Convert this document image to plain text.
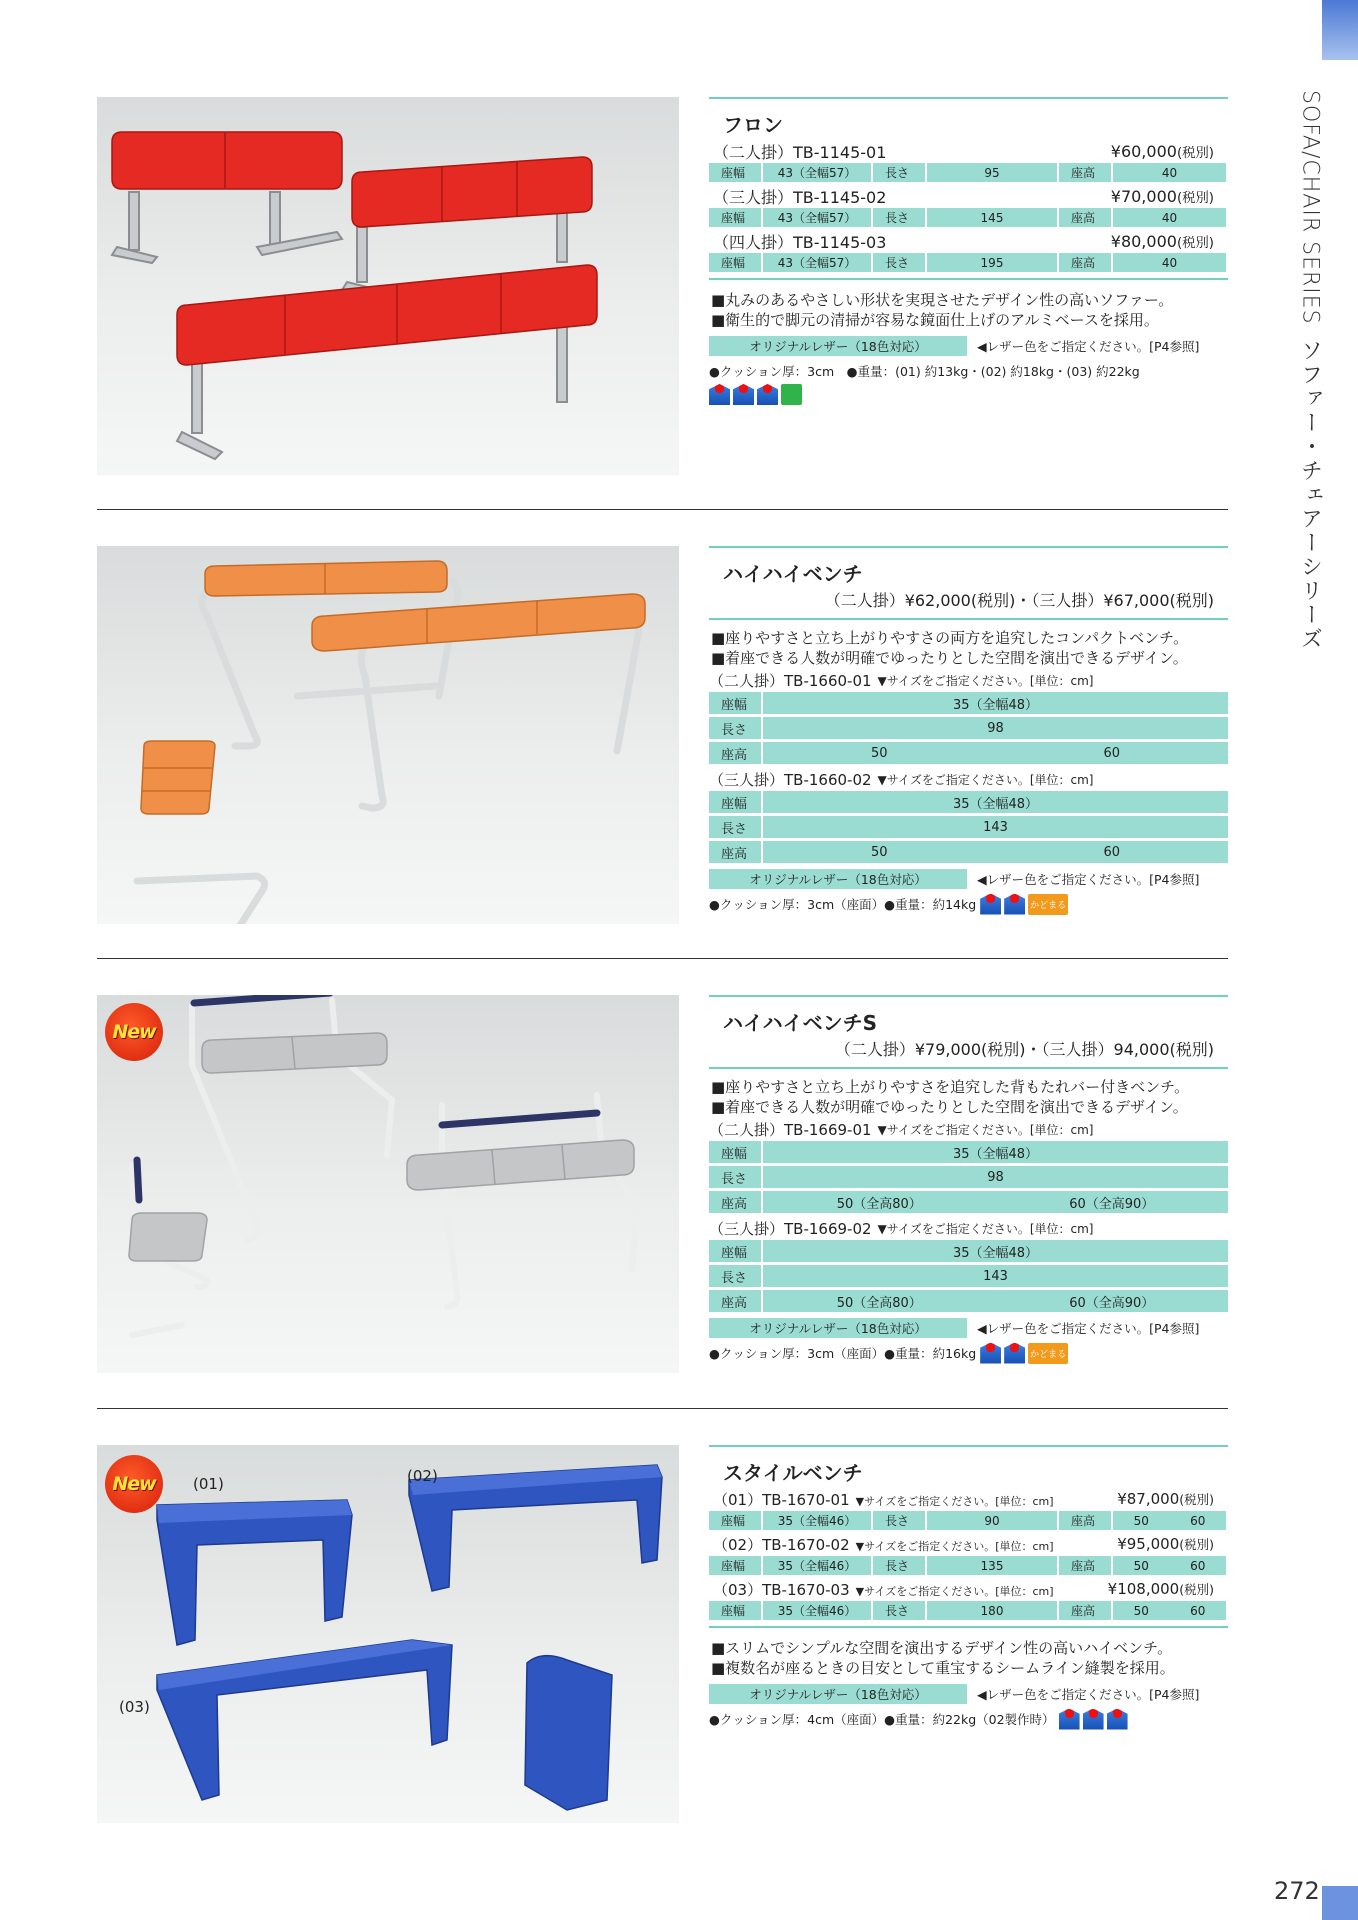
SOFA/CHAIR SERIES
ソファー・チェアーシリーズ
272
フロン
（二人掛）TB-1145-01	¥60,000(税別)
座幅	43（全幅57）	長さ	95	座高	40
（三人掛）TB-1145-02	¥70,000(税別)
座幅	43（全幅57）	長さ	145	座高	40
（四人掛）TB-1145-03	¥80,000(税別)
座幅	43（全幅57）	長さ	195	座高	40
■丸みのあるやさしい形状を実現させたデザイン性の高いソファー。
■衛生的で脚元の清掃が容易な鏡面仕上げのアルミベースを採用。
オリジナルレザー（18色対応）	◀レザー色をご指定ください。[P4参照]
●クッション厚：3cm　●重量：(01) 約13kg・(02) 約18kg・(03) 約22kg
ハイハイベンチ
（二人掛）¥62,000(税別)・（三人掛）¥67,000(税別)
■座りやすさと立ち上がりやすさの両方を追究したコンパクトベンチ。
■着座できる人数が明確でゆったりとした空間を演出できるデザイン。
（二人掛）TB-1660-01 ▼サイズをご指定ください。[単位：cm]
座幅	35（全幅48）
長さ	98
座高	50	60
（三人掛）TB-1660-02 ▼サイズをご指定ください。[単位：cm]
座幅	35（全幅48）
長さ	143
座高	50	60
オリジナルレザー（18色対応）	◀レザー色をご指定ください。[P4参照]
●クッション厚：3cm（座面）●重量：約14kg	かどまる
New	ハイハイベンチS
（二人掛）¥79,000(税別)・（三人掛）94,000(税別)
■座りやすさと立ち上がりやすさを追究した背もたれバー付きベンチ。
■着座できる人数が明確でゆったりとした空間を演出できるデザイン。
（二人掛）TB-1669-01 ▼サイズをご指定ください。[単位：cm]
座幅	35（全幅48）
長さ	98
座高	50（全高80）	60（全高90）
（三人掛）TB-1669-02 ▼サイズをご指定ください。[単位：cm]
座幅	35（全幅48）
長さ	143
座高	50（全高80）	60（全高90）
オリジナルレザー（18色対応）	◀レザー色をご指定ください。[P4参照]
●クッション厚：3cm（座面）●重量：約16kg	かどまる
New	(01)	(02)
(03)
スタイルベンチ
（01）TB-1670-01 ▼サイズをご指定ください。[単位：cm]	¥87,000(税別)
座幅	35（全幅46）	長さ	90	座高	50	60
（02）TB-1670-02 ▼サイズをご指定ください。[単位：cm]	¥95,000(税別)
座幅	35（全幅46）	長さ	135	座高	50	60
（03）TB-1670-03 ▼サイズをご指定ください。[単位：cm]	¥108,000(税別)
座幅	35（全幅46）	長さ	180	座高	50	60
■スリムでシンプルな空間を演出するデザイン性の高いハイベンチ。
■複数名が座るときの目安として重宝するシームライン縫製を採用。
オリジナルレザー（18色対応）	◀レザー色をご指定ください。[P4参照]
●クッション厚：4cm（座面）●重量：約22kg（02製作時）
